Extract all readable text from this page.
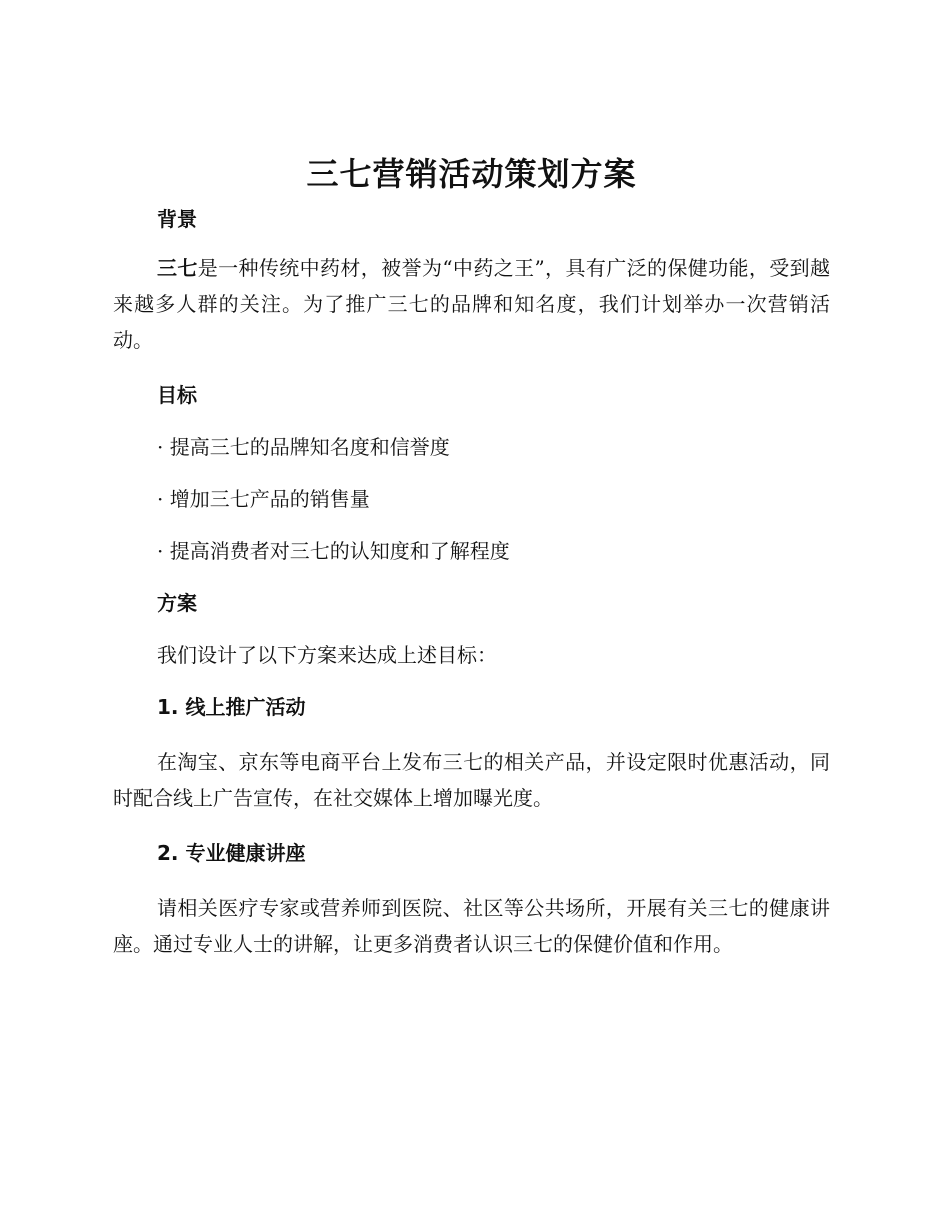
三七营销活动策划方案
背景

三七是一种传统中药材，被誉为“中药之王”，具有广泛的保健功能，受到越来越多人群的关注。为了推广三七的品牌和知名度，我们计划举办一次营销活动。

目标

· 提高三七的品牌知名度和信誉度

· 增加三七产品的销售量

· 提高消费者对三七的认知度和了解程度

方案

我们设计了以下方案来达成上述目标：

1. 线上推广活动

在淘宝、京东等电商平台上发布三七的相关产品，并设定限时优惠活动，同时配合线上广告宣传，在社交媒体上增加曝光度。

2. 专业健康讲座

请相关医疗专家或营养师到医院、社区等公共场所，开展有关三七的健康讲座。通过专业人士的讲解，让更多消费者认识三七的保健价值和作用。
